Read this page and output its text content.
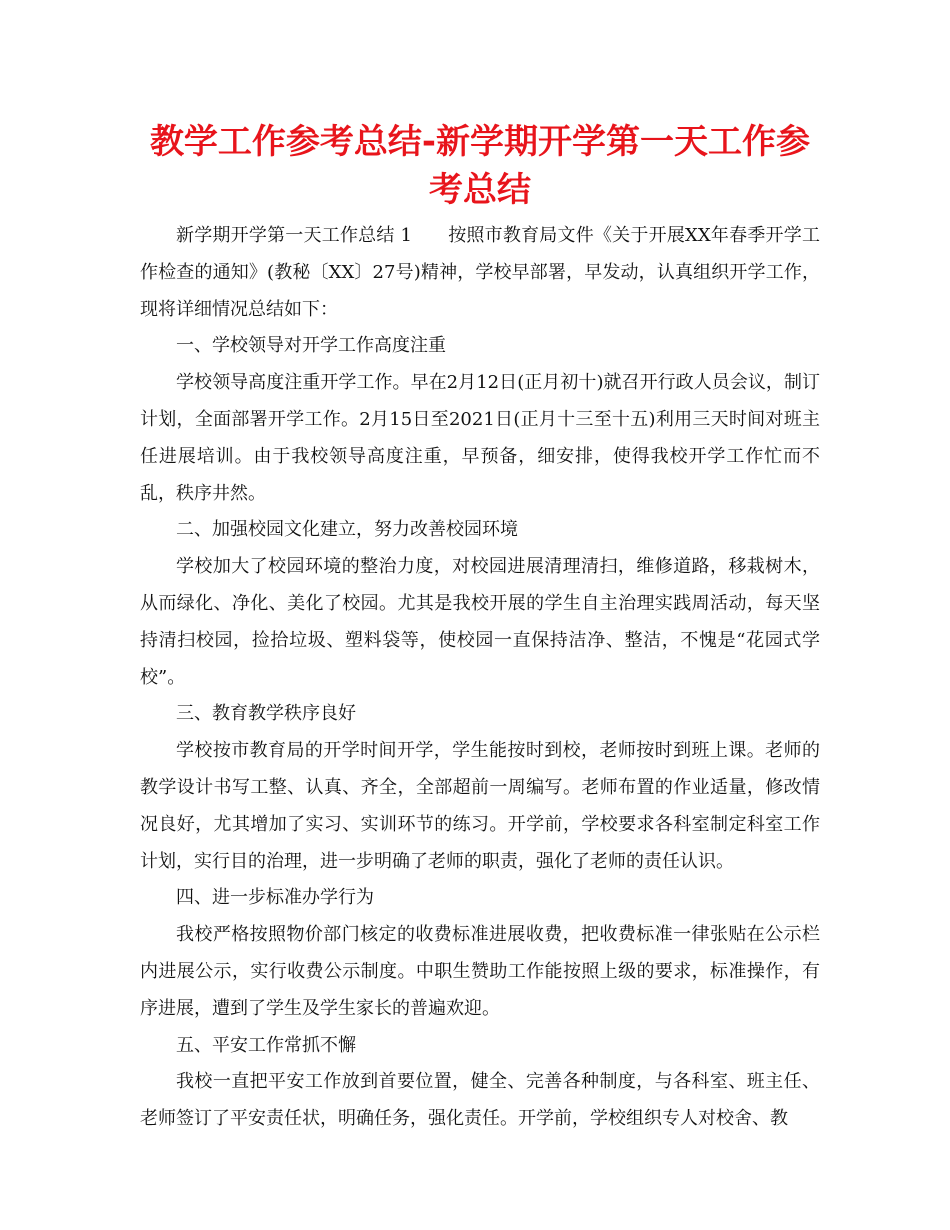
教学工作参考总结-新学期开学第一天工作参考总结

新学期开学第一天工作总结 1 按照市教育局文件《关于开展XX年春季开学工作检查的通知》(教秘〔XX〕27号)精神，学校早部署，早发动，认真组织开学工作，现将详细情况总结如下：

一、学校领导对开学工作高度注重

学校领导高度注重开学工作。早在2月12日(正月初十)就召开行政人员会议，制订计划，全面部署开学工作。2月15日至2021日(正月十三至十五)利用三天时间对班主任进展培训。由于我校领导高度注重，早预备，细安排，使得我校开学工作忙而不乱，秩序井然。

二、加强校园文化建立，努力改善校园环境

学校加大了校园环境的整治力度，对校园进展清理清扫，维修道路，移栽树木，从而绿化、净化、美化了校园。尤其是我校开展的学生自主治理实践周活动，每天坚持清扫校园，捡拾垃圾、塑料袋等，使校园一直保持洁净、整洁，不愧是“花园式学校”。

三、教育教学秩序良好

学校按市教育局的开学时间开学，学生能按时到校，老师按时到班上课。老师的教学设计书写工整、认真、齐全，全部超前一周编写。老师布置的作业适量，修改情况良好，尤其增加了实习、实训环节的练习。开学前，学校要求各科室制定科室工作计划，实行目的治理，进一步明确了老师的职责，强化了老师的责任认识。

四、进一步标准办学行为

我校严格按照物价部门核定的收费标准进展收费，把收费标准一律张贴在公示栏内进展公示，实行收费公示制度。中职生赞助工作能按照上级的要求，标准操作，有序进展，遭到了学生及学生家长的普遍欢迎。

五、平安工作常抓不懈

我校一直把平安工作放到首要位置，健全、完善各种制度，与各科室、班主任、老师签订了平安责任状，明确任务，强化责任。开学前，学校组织专人对校舍、教
